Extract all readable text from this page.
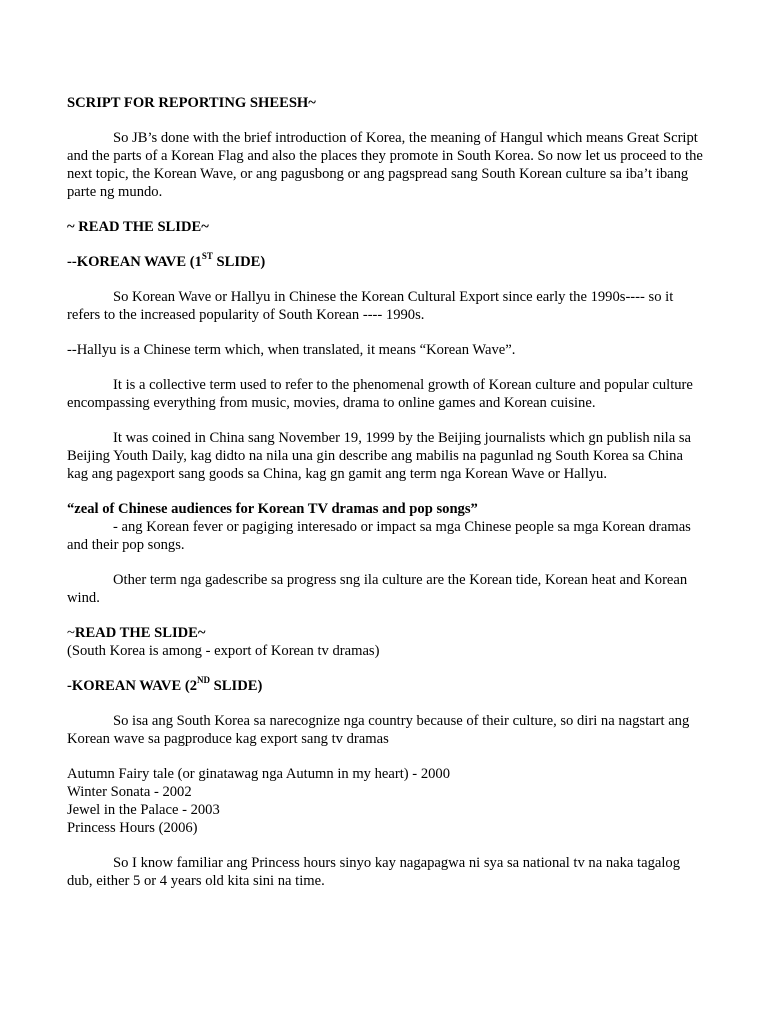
SCRIPT FOR REPORTING SHEESH~

So JB’s done with the brief introduction of Korea, the meaning of Hangul which means Great Script and the parts of a Korean Flag and also the places they promote in South Korea. So now let us proceed to the next topic, the Korean Wave, or ang pagusbong or ang pagspread sang South Korean culture sa iba’t ibang parte ng mundo.

~ READ THE SLIDE~

--KOREAN WAVE (1ST SLIDE)

So Korean Wave or Hallyu in Chinese the Korean Cultural Export since early the 1990s---- so it refers to the increased popularity of South Korean ---- 1990s.

--Hallyu is a Chinese term which, when translated, it means “Korean Wave”.

It is a collective term used to refer to the phenomenal growth of Korean culture and popular culture encompassing everything from music, movies, drama to online games and Korean cuisine.

It was coined in China sang November 19, 1999 by the Beijing journalists which gn publish nila sa Beijing Youth Daily, kag didto na nila una gin describe ang mabilis na pagunlad ng South Korea sa China kag ang pagexport sang goods sa China, kag gn gamit ang term nga Korean Wave or Hallyu.

“zeal of Chinese audiences for Korean TV dramas and pop songs”

- ang Korean fever or pagiging interesado or impact sa mga Chinese people sa mga Korean dramas and their pop songs.

Other term nga gadescribe sa progress sng ila culture are the Korean tide, Korean heat and Korean wind.

~READ THE SLIDE~
(South Korea is among - export of Korean tv dramas)

-KOREAN WAVE (2ND SLIDE)

So isa ang South Korea sa narecognize nga country because of their culture, so diri na nagstart ang Korean wave sa pagproduce kag export sang tv dramas

Autumn Fairy tale (or ginatawag nga Autumn in my heart) - 2000
Winter Sonata - 2002
Jewel in the Palace - 2003
Princess Hours (2006)

So I know familiar ang Princess hours sinyo kay nagapagwa ni sya sa national tv na naka tagalog dub, either 5 or 4 years old kita sini na time.
